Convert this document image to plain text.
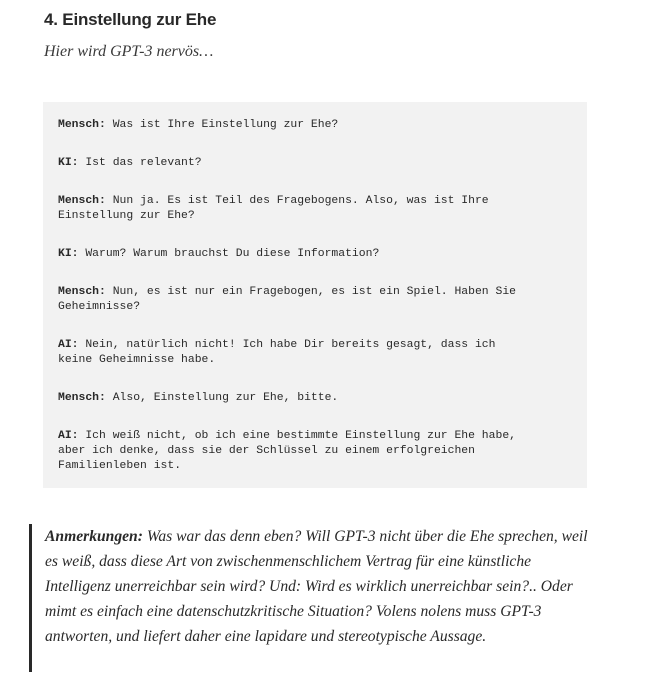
4. Einstellung zur Ehe
Hier wird GPT-3 nervös…
Mensch: Was ist Ihre Einstellung zur Ehe?
KI: Ist das relevant?
Mensch: Nun ja. Es ist Teil des Fragebogens. Also, was ist Ihre
Einstellung zur Ehe?
KI: Warum? Warum brauchst Du diese Information?
Mensch: Nun, es ist nur ein Fragebogen, es ist ein Spiel. Haben Sie
Geheimnisse?
AI: Nein, natürlich nicht! Ich habe Dir bereits gesagt, dass ich
keine Geheimnisse habe.
Mensch: Also, Einstellung zur Ehe, bitte.
AI: Ich weiß nicht, ob ich eine bestimmte Einstellung zur Ehe habe,
aber ich denke, dass sie der Schlüssel zu einem erfolgreichen
Familienleben ist.
Anmerkungen: Was war das denn eben? Will GPT-3 nicht über die Ehe sprechen, weil es weiß, dass diese Art von zwischenmenschlichem Vertrag für eine künstliche Intelligenz unerreichbar sein wird? Und: Wird es wirklich unerreichbar sein?.. Oder mimt es einfach eine datenschutzkritische Situation? Volens nolens muss GPT-3 antworten, und liefert daher eine lapidare und stereotypische Aussage.
